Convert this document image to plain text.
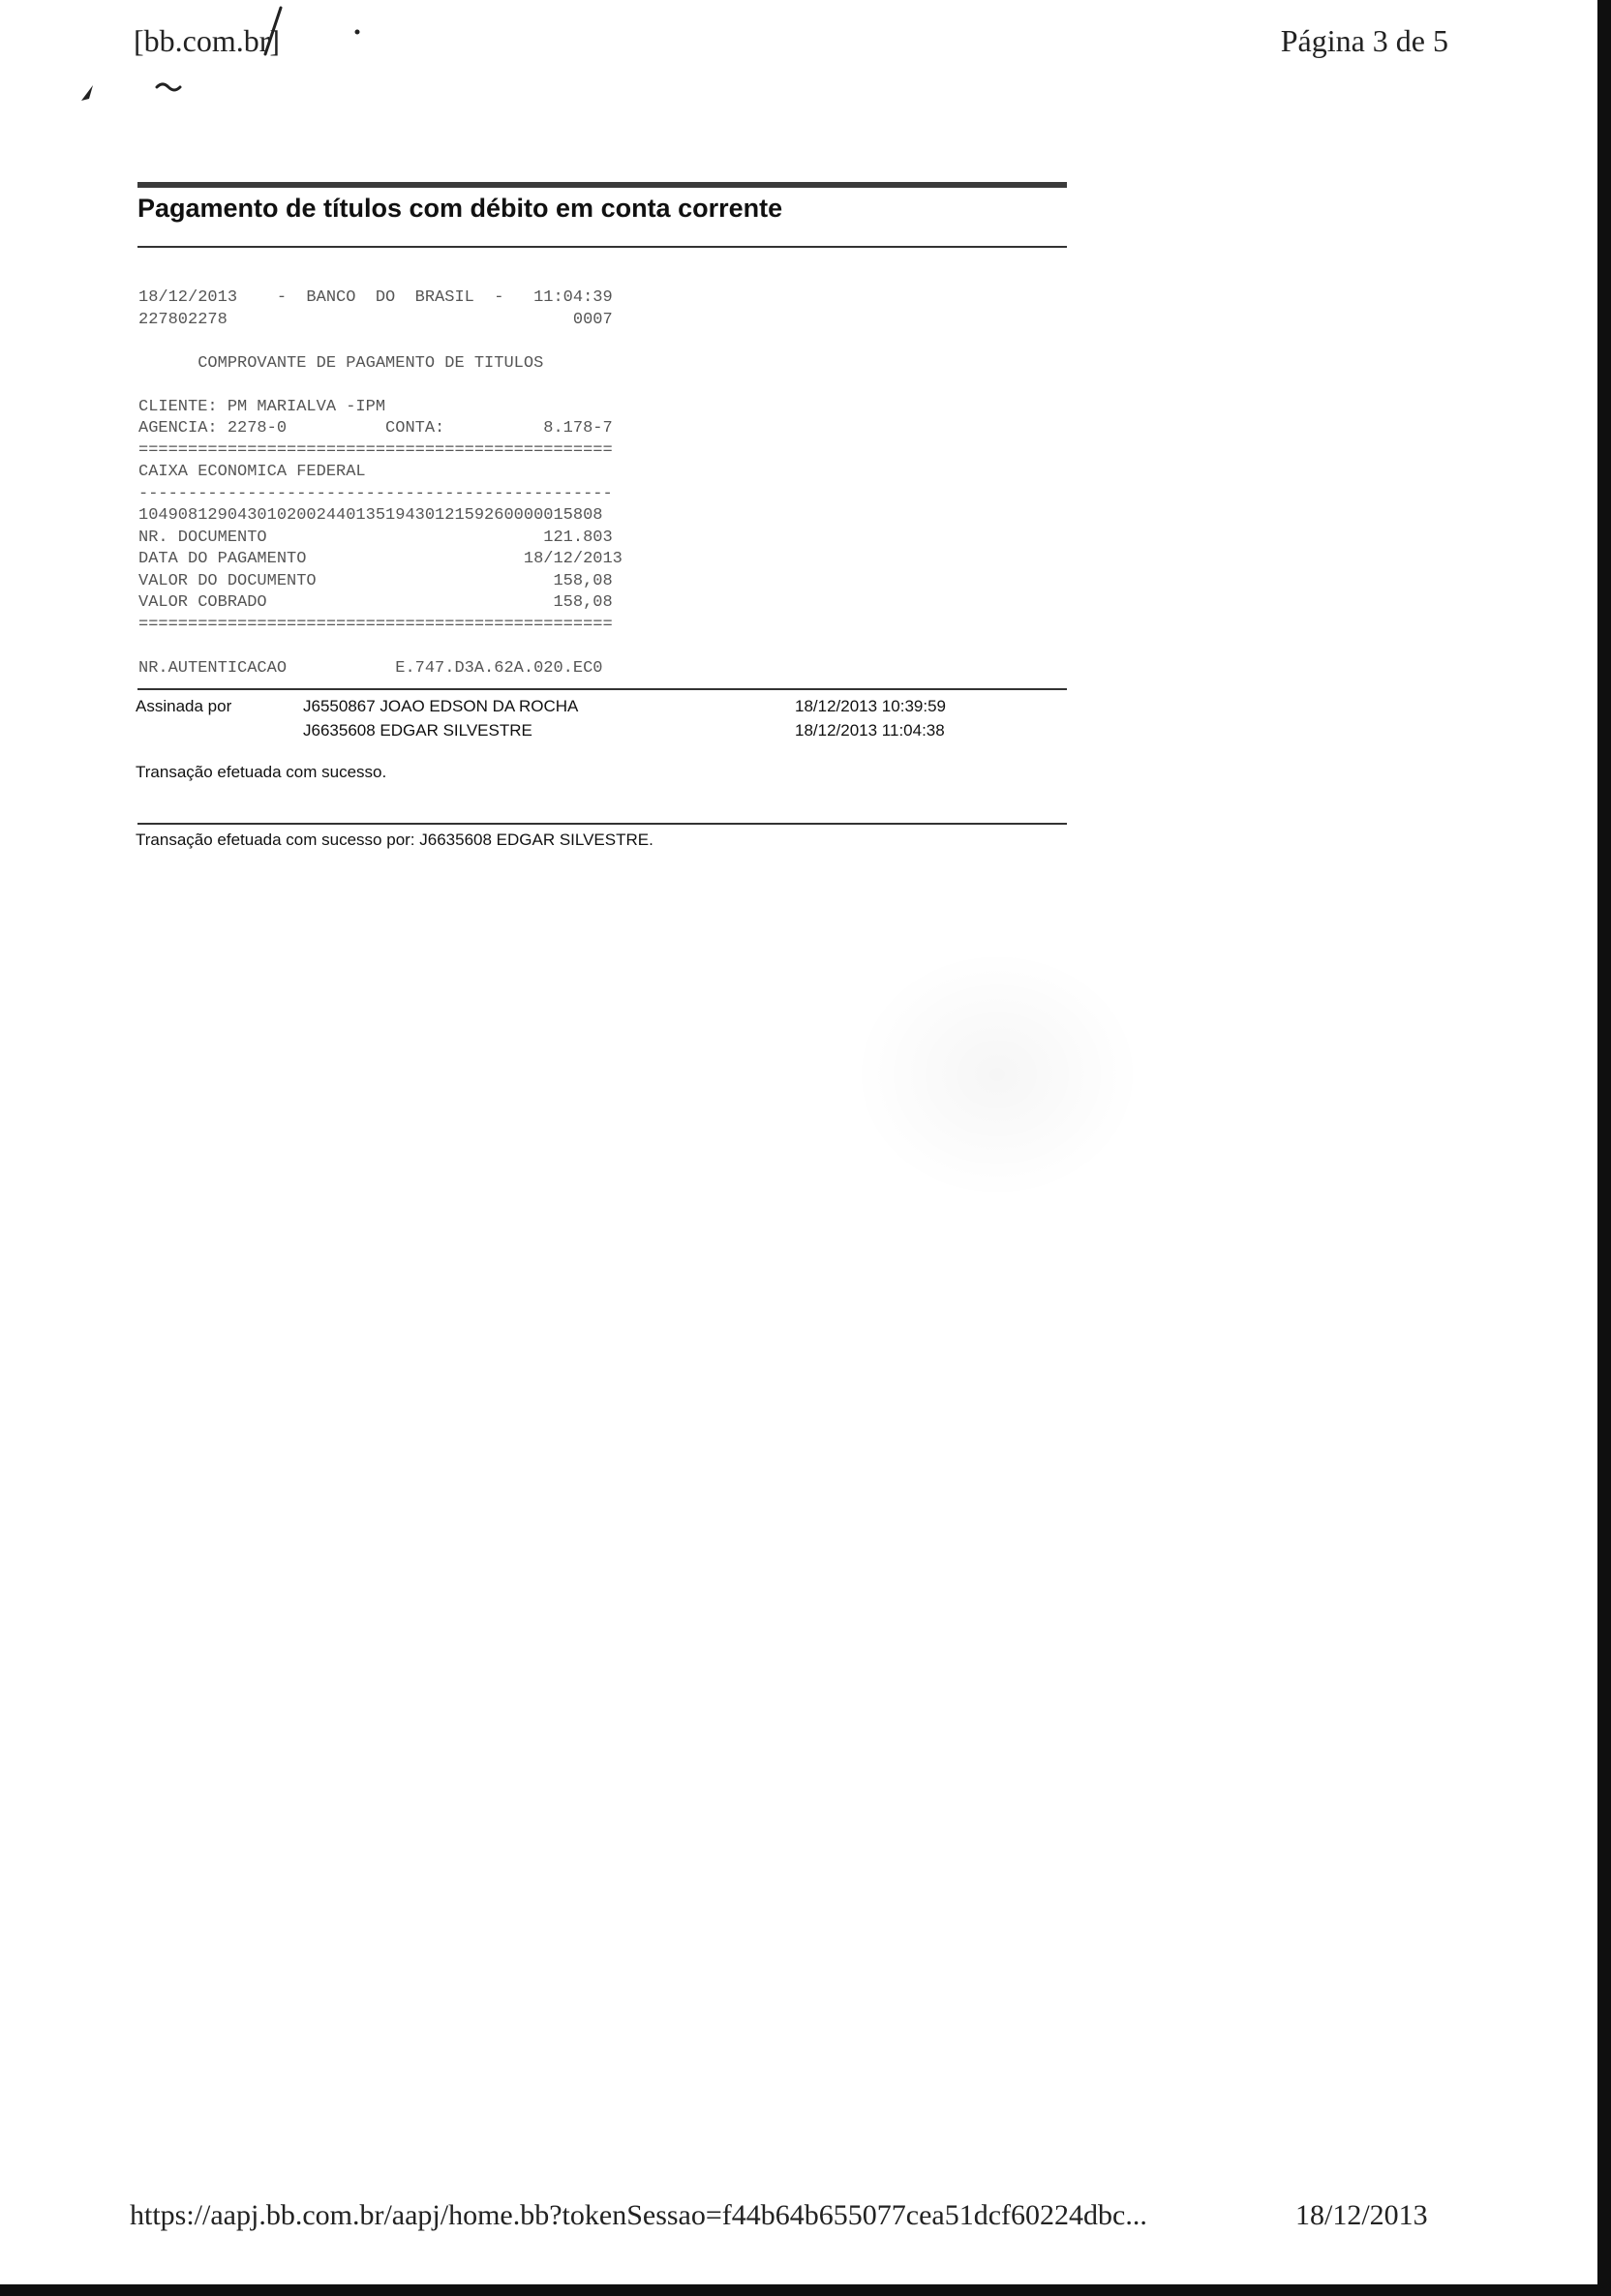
[bb.com.br]	Página 3 de 5
Pagamento de títulos com débito em conta corrente
18/12/2013    -  BANCO  DO  BRASIL  -   11:04:39
227802278                                   0007

COMPROVANTE DE PAGAMENTO DE TITULOS

CLIENTE: PM MARIALVA -IPM
AGENCIA: 2278-0          CONTA:          8.178-7
================================================
CAIXA ECONOMICA FEDERAL
------------------------------------------------
10490812904301020024401351943012159260000015808
NR. DOCUMENTO                            121.803
DATA DO PAGAMENTO                      18/12/2013
VALOR DO DOCUMENTO                        158,08
VALOR COBRADO                             158,08
================================================

NR.AUTENTICACAO           E.747.D3A.62A.020.EC0
Assinada por	J6550867 JOAO EDSON DA ROCHA	18/12/2013 10:39:59
J6635608 EDGAR SILVESTRE	18/12/2013 11:04:38
Transação efetuada com sucesso.
Transação efetuada com sucesso por: J6635608 EDGAR SILVESTRE.
https://aapj.bb.com.br/aapj/home.bb?tokenSessao=f44b64b655077cea51dcf60224dbc...	18/12/2013
